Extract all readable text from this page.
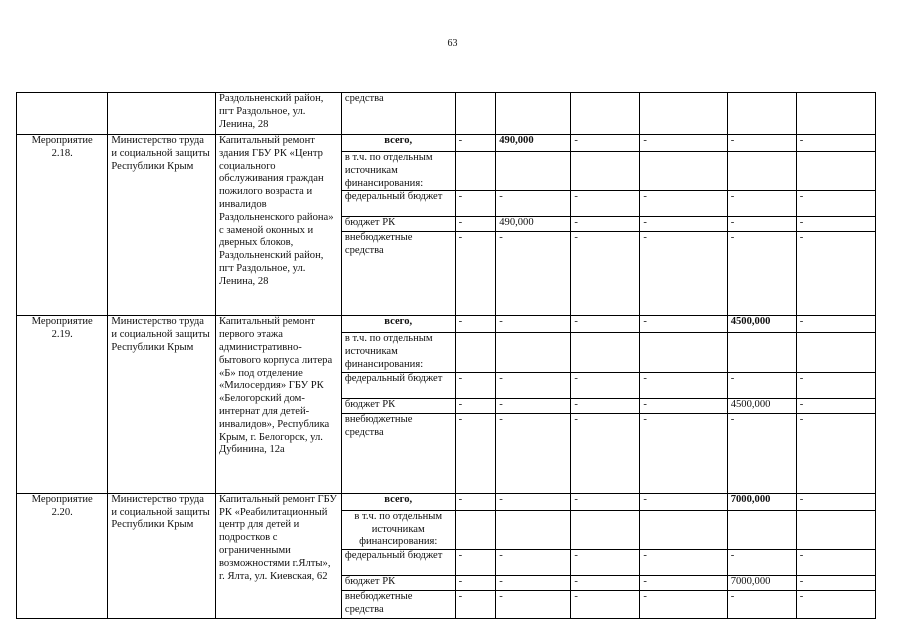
63
		Раздольненский район, пгт Раздольное, ул. Ленина, 28	средства						
Мероприятие 2.18.	Министерство труда и социальной защиты Республики Крым	Капитальный ремонт здания ГБУ РК «Центр социального обслуживания граждан пожилого возраста и инвалидов Раздольненского района» с заменой оконных и дверных блоков, Раздольненский район, пгт Раздольное, ул. Ленина, 28	всего,	-	490,000	-	-	-	-
			в т.ч. по отдельным источникам финансирования:						
			федеральный бюджет	-	-	-	-	-	-
			бюджет РК	-	490,000	-	-	-	-
			внебюджетные средства	-	-	-	-	-	-
Мероприятие 2.19.	Министерство труда и социальной защиты Республики Крым	Капитальный ремонт первого этажа административно-бытового корпуса литера «Б» под отделение «Милосердия» ГБУ РК «Белогорский дом-интернат для детей-инвалидов», Республика Крым, г. Белогорск, ул. Дубинина, 12а	всего,	-	-	-	-	4500,000	-
			в т.ч. по отдельным источникам финансирования:						
			федеральный бюджет	-	-	-	-	-	-
			бюджет РК	-	-	-	-	4500,000	-
			внебюджетные средства	-	-	-	-	-	-
Мероприятие 2.20.	Министерство труда и социальной защиты Республики Крым	Капитальный ремонт ГБУ РК «Реабилитационный центр для детей и подростков с ограниченными возможностями г.Ялты», г. Ялта, ул. Киевская, 62	всего,	-	-	-	-	7000,000	-
			в т.ч. по отдельным источникам финансирования:						
			федеральный бюджет	-	-	-	-	-	-
			бюджет РК	-	-	-	-	7000,000	-
			внебюджетные средства	-	-	-	-	-	-
